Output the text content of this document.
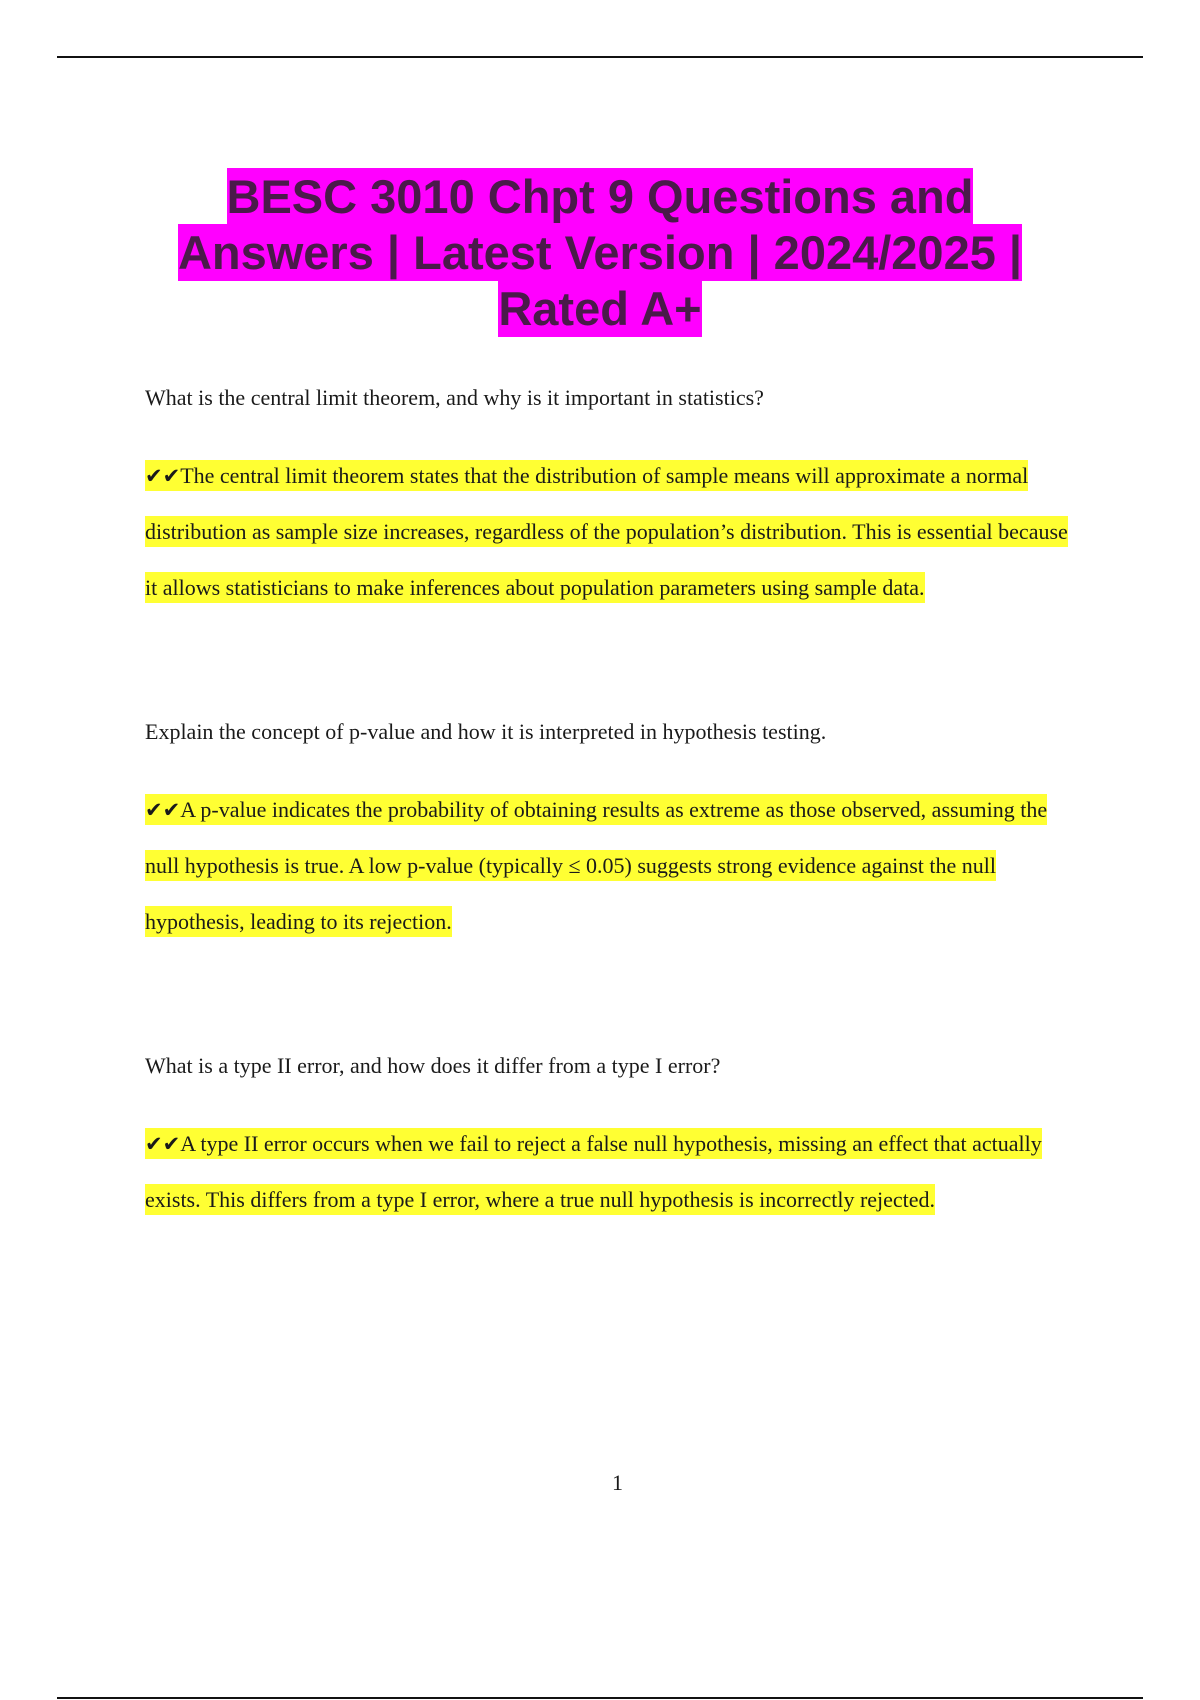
BESC 3010 Chpt 9 Questions and Answers | Latest Version | 2024/2025 | Rated A+

What is the central limit theorem, and why is it important in statistics?

✔✔The central limit theorem states that the distribution of sample means will approximate a normal distribution as sample size increases, regardless of the population’s distribution. This is essential because it allows statisticians to make inferences about population parameters using sample data.

Explain the concept of p-value and how it is interpreted in hypothesis testing.

✔✔A p-value indicates the probability of obtaining results as extreme as those observed, assuming the null hypothesis is true. A low p-value (typically ≤ 0.05) suggests strong evidence against the null hypothesis, leading to its rejection.

What is a type II error, and how does it differ from a type I error?

✔✔A type II error occurs when we fail to reject a false null hypothesis, missing an effect that actually exists. This differs from a type I error, where a true null hypothesis is incorrectly rejected.

1
